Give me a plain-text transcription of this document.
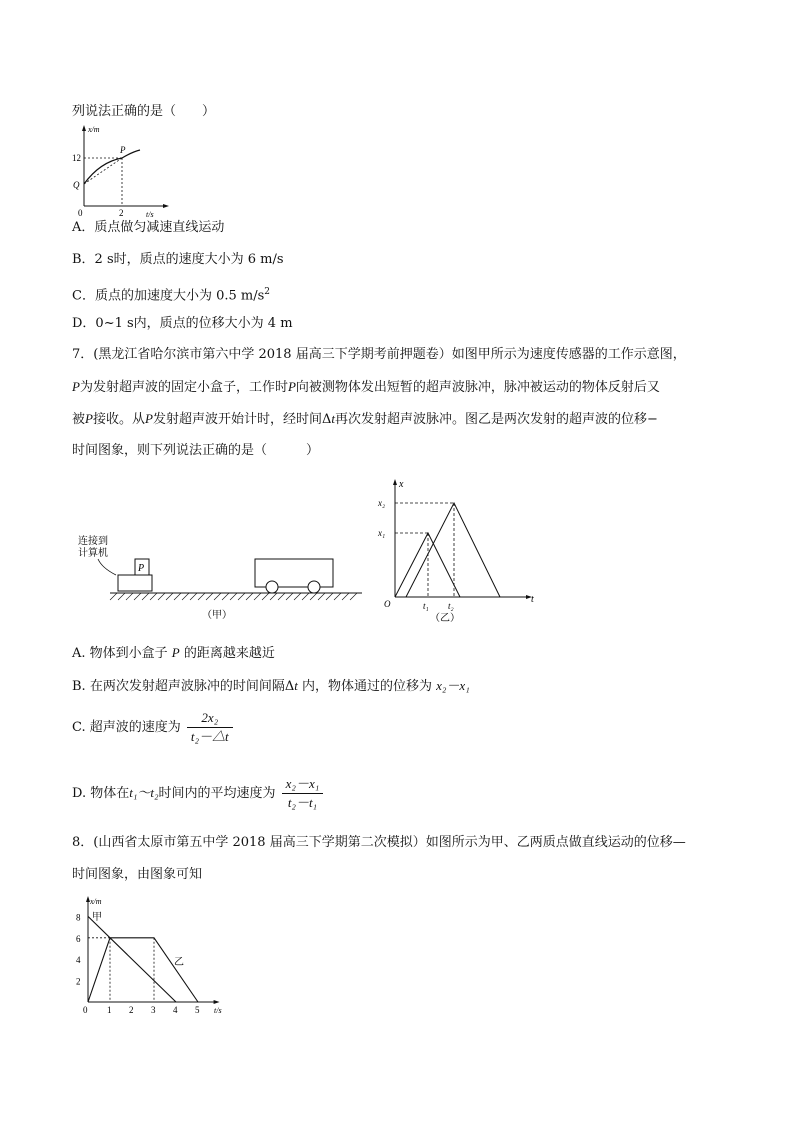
列说法正确的是（　　）
x/m
12
P
Q
0	2	t/s
A．质点做匀减速直线运动
B．2 s时，质点的速度大小为 6 m/s
C．质点的加速度大小为 0.5 $m/s^2$
D．0~1 s内，质点的位移大小为 4 m
7．(黑龙江省哈尔滨市第六中学 2018 届高三下学期考前押题卷）如图甲所示为速度传感器的工作示意图，
P为发射超声波的固定小盒子，工作时P向被测物体发出短暂的超声波脉冲，脉冲被运动的物体反射后又
被P接收。从P发射超声波开始计时，经时间Δt再次发射超声波脉冲。图乙是两次发射的超声波的位移−
时间图象，则下列说法正确的是（　　　）
连接到
计算机
P
（甲）
x
t
O
x₂
x₁
t₁ t₂
（乙）
A. 物体到小盒子 P 的距离越来越近
B. 在两次发射超声波脉冲的时间间隔Δt 内，物体通过的位移为 x₂－x₁
C. 超声波的速度为 $\frac{\text{2x₂}}{\text{t₂－△t}}$
D. 物体在t₁～t₂时间内的平均速度为 $\frac{\text{x₂－x₁}}{\text{t₂－t₁}}$
8．(山西省太原市第五中学 2018 届高三下学期第二次模拟）如图所示为甲、乙两质点做直线运动的位移—
时间图象，由图象可知
8
6
4
2
1 2 3 4 5
x/m
t/s
0
甲
乙
